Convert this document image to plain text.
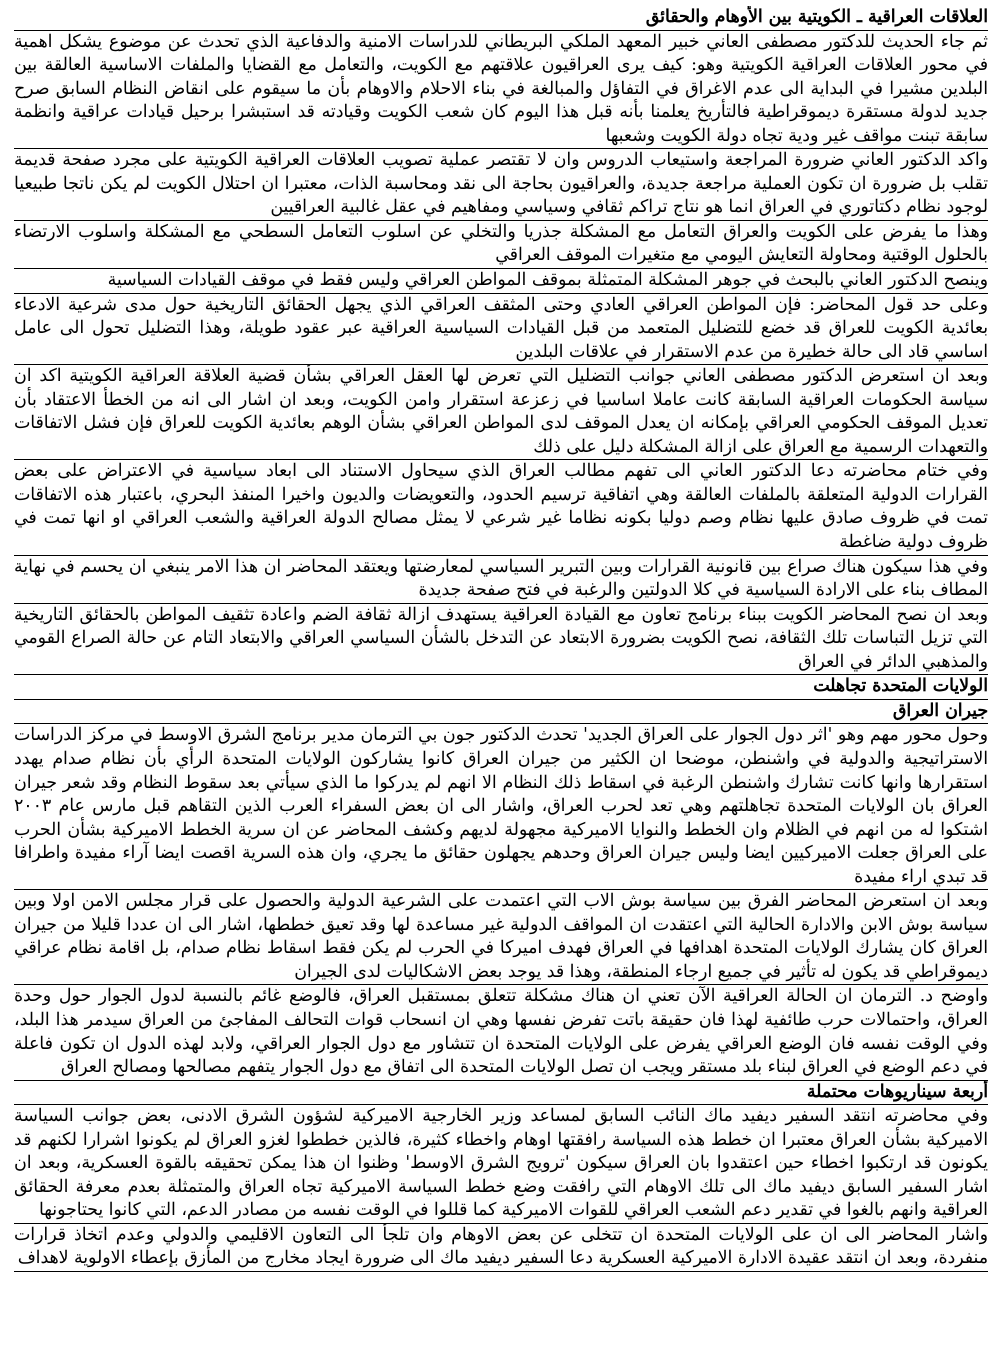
العلاقات العراقية ـ الكويتية بين الأوهام والحقائق
ثم جاء الحديث للدكتور مصطفى العاني خبير المعهد الملكي البريطاني للدراسات الامنية والدفاعية الذي تحدث عن موضوع يشكل اهمية في محور العلاقات العراقية الكويتية وهو: كيف يرى العراقيون علاقتهم مع الكويت، والتعامل مع القضايا والملفات الاساسية العالقة بين البلدين مشيرا في البداية الى عدم الاغراق في التفاؤل والمبالغة في بناء الاحلام والاوهام بأن ما سيقوم على انقاض النظام السابق صرح جديد لدولة مستقرة ديموقراطية فالتأريخ يعلمنا بأنه قبل هذا اليوم كان شعب الكويت وقيادته قد استبشرا برحيل قيادات عراقية وانظمة سابقة تبنت مواقف غير ودية تجاه دولة الكويت وشعبها
واكد الدكتور العاني ضرورة المراجعة واستيعاب الدروس وان لا تقتصر عملية تصويب العلاقات العراقية الكويتية على مجرد صفحة قديمة تقلب بل ضرورة ان تكون العملية مراجعة جديدة، والعراقيون بحاجة الى نقد ومحاسبة الذات، معتبرا ان احتلال الكويت لم يكن ناتجا طبيعيا لوجود نظام دكتاتوري في العراق انما هو نتاج تراكم ثقافي وسياسي ومفاهيم في عقل غالبية العراقيين
وهذا ما يفرض على الكويت والعراق التعامل مع المشكلة جذريا والتخلي عن اسلوب التعامل السطحي مع المشكلة واسلوب الارتضاء بالحلول الوقتية ومحاولة التعايش اليومي مع متغيرات الموقف العراقي
وينصح الدكتور العاني بالبحث في جوهر المشكلة المتمثلة بموقف المواطن العراقي وليس فقط في موقف القيادات السياسية
وعلى حد قول المحاضر: فإن المواطن العراقي العادي وحتى المثقف العراقي الذي يجهل الحقائق التاريخية حول مدى شرعية الادعاء بعائدية الكويت للعراق قد خضع للتضليل المتعمد من قبل القيادات السياسية العراقية عبر عقود طويلة، وهذا التضليل تحول الى عامل اساسي قاد الى حالة خطيرة من عدم الاستقرار في علاقات البلدين
وبعد ان استعرض الدكتور مصطفى العاني جوانب التضليل التي تعرض لها العقل العراقي بشأن قضية العلاقة العراقية الكويتية اكد ان سياسة الحكومات العراقية السابقة كانت عاملا اساسيا في زعزعة استقرار وامن الكويت، وبعد ان اشار الى انه من الخطأ الاعتقاد بأن تعديل الموقف الحكومي العراقي بإمكانه ان يعدل الموقف لدى المواطن العراقي بشأن الوهم بعائدية الكويت للعراق فإن فشل الاتفاقات والتعهدات الرسمية مع العراق على ازالة المشكلة دليل على ذلك
وفي ختام محاضرته دعا الدكتور العاني الى تفهم مطالب العراق الذي سيحاول الاستناد الى ابعاد سياسية في الاعتراض على بعض القرارات الدولية المتعلقة بالملفات العالقة وهي اتفاقية ترسيم الحدود، والتعويضات والديون واخيرا المنفذ البحري، باعتبار هذه الاتفاقات تمت في ظروف صادق عليها نظام وصم دوليا بكونه نظاما غير شرعي لا يمثل مصالح الدولة العراقية والشعب العراقي او انها تمت في ظروف دولية ضاغطة
وفي هذا سيكون هناك صراع بين قانونية القرارات وبين التبرير السياسي لمعارضتها ويعتقد المحاضر ان هذا الامر ينبغي ان يحسم في نهاية المطاف بناء على الارادة السياسية في كلا الدولتين والرغبة في فتح صفحة جديدة
وبعد ان نصح المحاضر الكويت ببناء برنامج تعاون مع القيادة العراقية يستهدف ازالة ثقافة الضم واعادة تثقيف المواطن بالحقائق التاريخية التي تزيل التباسات تلك الثقافة، نصح الكويت بضرورة الابتعاد عن التدخل بالشأن السياسي العراقي والابتعاد التام عن حالة الصراع القومي والمذهبي الدائر في العراق
الولايات المتحدة تجاهلت
جيران العراق
وحول محور مهم وهو 'اثر دول الجوار على العراق الجديد' تحدث الدكتور جون بي الترمان مدير برنامج الشرق الاوسط في مركز الدراسات الاستراتيجية والدولية في واشنطن، موضحا ان الكثير من جيران العراق كانوا يشاركون الولايات المتحدة الرأي بأن نظام صدام يهدد استقرارها وانها كانت تشارك واشنطن الرغبة في اسقاط ذلك النظام الا انهم لم يدركوا ما الذي سيأتي بعد سقوط النظام وقد شعر جيران العراق بان الولايات المتحدة تجاهلتهم وهي تعد لحرب العراق، واشار الى ان بعض السفراء العرب الذين التقاهم قبل مارس عام ٢٠٠٣ اشتكوا له من انهم في الظلام وان الخطط والنوايا الاميركية مجهولة لديهم وكشف المحاضر عن ان سرية الخطط الاميركية بشأن الحرب على العراق جعلت الاميركيين ايضا وليس جيران العراق وحدهم يجهلون حقائق ما يجري، وان هذه السرية اقصت ايضا آراء مفيدة واطرافا قد تبدي اراء مفيدة
وبعد ان استعرض المحاضر الفرق بين سياسة بوش الاب التي اعتمدت على الشرعية الدولية والحصول على قرار مجلس الامن اولا وبين سياسة بوش الابن والادارة الحالية التي اعتقدت ان المواقف الدولية غير مساعدة لها وقد تعيق خططها، اشار الى ان عددا قليلا من جيران العراق كان يشارك الولايات المتحدة اهدافها في العراق فهدف اميركا في الحرب لم يكن فقط اسقاط نظام صدام، بل اقامة نظام عراقي ديموقراطي قد يكون له تأثير في جميع ارجاء المنطقة، وهذا قد يوجد بعض الاشكاليات لدى الجيران
واوضح د. الترمان ان الحالة العراقية الآن تعني ان هناك مشكلة تتعلق بمستقبل العراق، فالوضع غائم بالنسبة لدول الجوار حول وحدة العراق، واحتمالات حرب طائفية لهذا فان حقيقة باتت تفرض نفسها وهي ان انسحاب قوات التحالف المفاجئ من العراق سيدمر هذا البلد، وفي الوقت نفسه فان الوضع العراقي يفرض على الولايات المتحدة ان تتشاور مع دول الجوار العراقي، ولابد لهذه الدول ان تكون فاعلة في دعم الوضع في العراق لبناء بلد مستقر ويجب ان تصل الولايات المتحدة الى اتفاق مع دول الجوار يتفهم مصالحها ومصالح العراق
أربعة سيناريوهات محتملة
وفي محاضرته انتقد السفير ديفيد ماك النائب السابق لمساعد وزير الخارجية الاميركية لشؤون الشرق الادنى، بعض جوانب السياسة الاميركية بشأن العراق معتبرا ان خطط هذه السياسة رافقتها اوهام واخطاء كثيرة، فالذين خططوا لغزو العراق لم يكونوا اشرارا لكنهم قد يكونون قد ارتكبوا اخطاء حين اعتقدوا بان العراق سيكون 'ترويج الشرق الاوسط' وظنوا ان هذا يمكن تحقيقه بالقوة العسكرية، وبعد ان اشار السفير السابق ديفيد ماك الى تلك الاوهام التي رافقت وضع خطط السياسة الاميركية تجاه العراق والمتمثلة بعدم معرفة الحقائق العراقية وانهم بالغوا في تقدير دعم الشعب العراقي للقوات الاميركية كما قللوا في الوقت نفسه من مصادر الدعم، التي كانوا يحتاجونها
واشار المحاضر الى ان على الولايات المتحدة ان تتخلى عن بعض الاوهام وان تلجأ الى التعاون الاقليمي والدولي وعدم اتخاذ قرارات منفردة، وبعد ان انتقد عقيدة الادارة الاميركية العسكرية دعا السفير ديفيد ماك الى ضرورة ايجاد مخارج من المأزق بإعطاء الاولوية لاهداف
